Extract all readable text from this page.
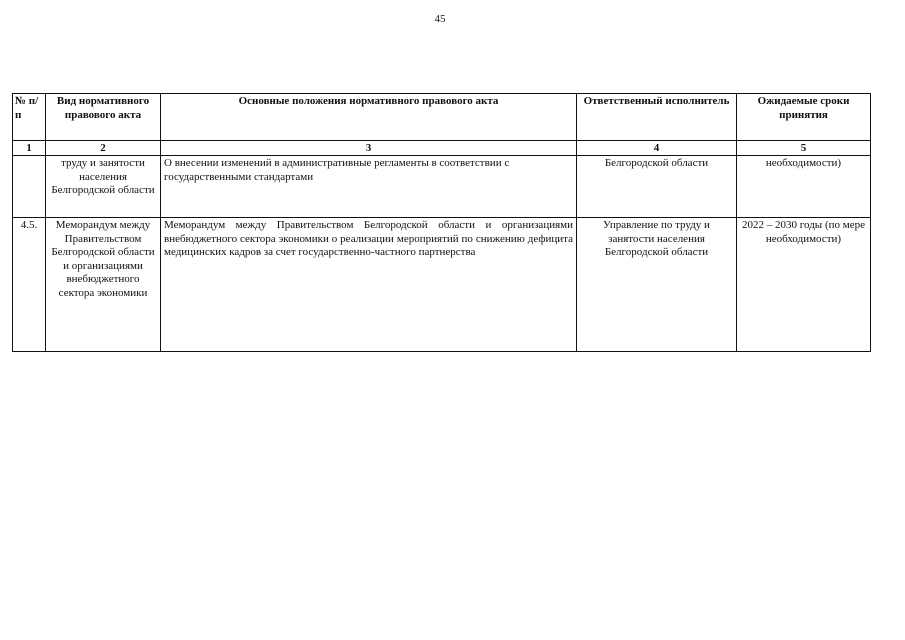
45
№ п/п	Вид нормативного правового акта	Основные положения нормативного правового акта	Ответственный исполнитель	Ожидаемые сроки принятия
1	2	3	4	5
	труду и занятости населения Белгородской области	О внесении изменений в административные регламенты в соответствии с государственными стандартами	Белгородской области	необходимости)
4.5.	Меморандум между Правительством Белгородской области и организациями внебюджетного сектора экономики	Меморандум между Правительством Белгородской области и организациями внебюджетного сектора экономики о реализации мероприятий по снижению дефицита медицинских кадров за счет государственно-частного партнерства	Управление по труду и занятости населения Белгородской области	2022 – 2030 годы (по мере необходимости)
